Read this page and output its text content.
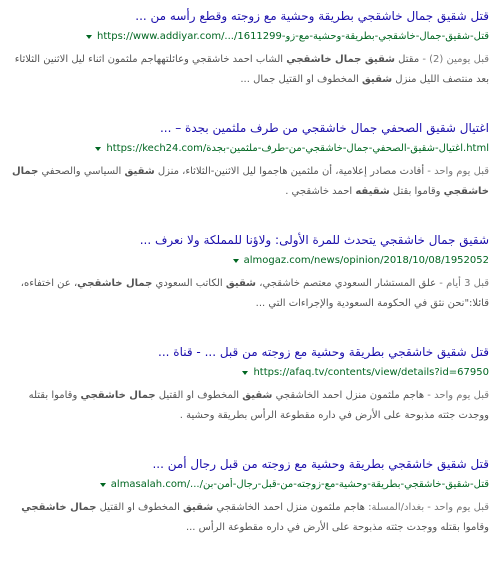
قتل شقيق جمال خاشقجي بطريقة وحشية مع زوجته وقطع رأسه من ...
https://www.addiyar.com/.../1611299-قتل-شقيق-جمال-خاشقجي-بطريقة-وحشية-مع-زو
قبل يومين (2) - مقتل شقيق جمال خاشقجي الشاب احمد خاشقجي وعائلتههاجم ملثمون اثناء ليل الاثنين الثلاثاء بعد منتصف الليل منزل شقيق المخطوف او القتيل جمال ...
اغتيال شقيق الصحفي جمال خاشقجي من طرف ملثمين بجدة – ...
https://kech24.com/اغتيال-شقيق-الصحفي-جمال-خاشقجي-من-طرف-ملثمين-بجدة.html
قبل يوم واحد - أفادت مصادر إعلامية، أن ملثمين هاجموا ليل الاثنين-الثلاثاء، منزل شقيق السياسي والصحفي جمال خاشقجي وقاموا بقتل شقيقه احمد خاشقجي .
شقيق جمال خاشقجي يتحدث للمرة الأولى: ولاؤنا للمملكة ولا نعرف ...
almogaz.com/news/opinion/2018/10/08/1952052
قبل 3 أيام - علق المستشار السعودي معتصم خاشقجي، شقيق الكاتب السعودي جمال خاشقجي، عن اختفاءه، قائلا:"نحن نثق في الحكومة السعودية والإجراءات التي ...
قتل شقيق خاشقجي بطريقة وحشية مع زوجته من قبل ... - قناة ...
https://afaq.tv/contents/view/details?id=67950
قبل يوم واحد - هاجم ملثمون منزل احمد الخاشقجي شقيق المخطوف او القتيل جمال خاشقجي وقاموا بقتله ووجدت جثته مذبوحة على الأرض في داره مقطوعة الرأس بطريقة وحشية .
قتل شقيق خاشقجي بطريقة وحشية مع زوجته من قبل رجال أمن ...
almasalah.com/.../قتل-شقيق-خاشقجي-بطريقة-وحشية-مع-زوجته-من-قبل-رجال-أمن-بن
قبل يوم واحد - بغداد/المسلة: هاجم ملثمون منزل احمد الخاشقجي شقيق المخطوف او القتيل جمال خاشقجي وقاموا بقتله ووجدت جثته مذبوحة على الأرض في داره مقطوعة الرأس ...
